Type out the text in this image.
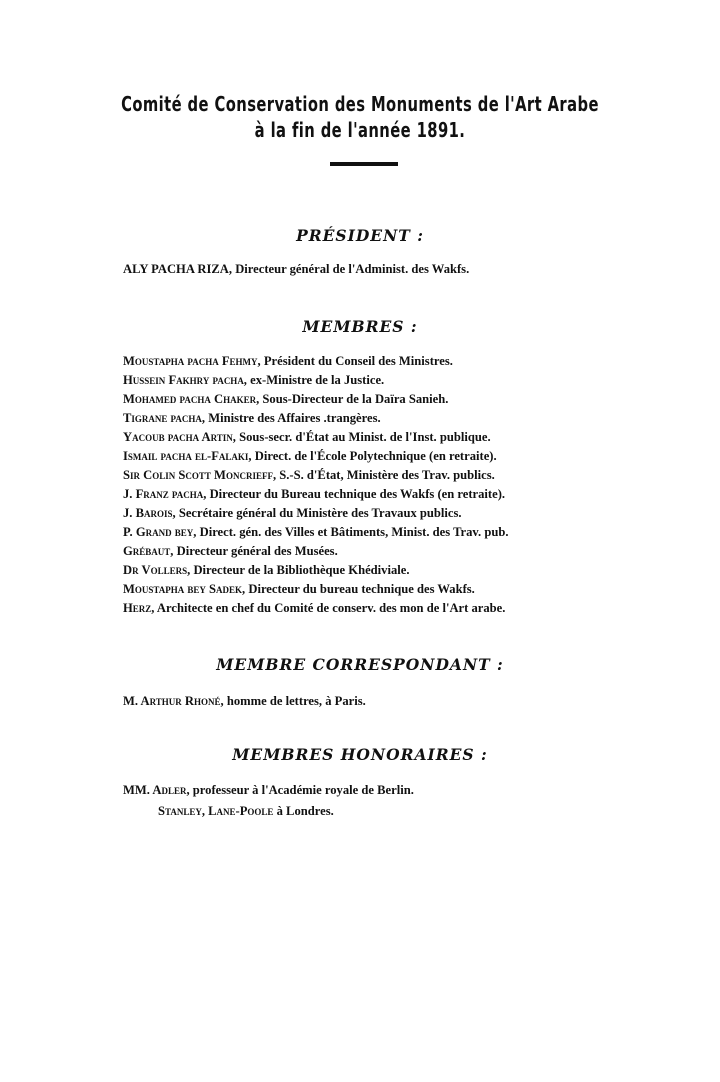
Comité de Conservation des Monuments de l'Art Arabe
à la fin de l'année 1891.
PRÉSIDENT :
ALY PACHA RIZA, Directeur général de l'Administ. des Wakfs.
MEMBRES :
Moustapha pacha Fehmy, Président du Conseil des Ministres.
Hussein Fakhry pacha, ex-Ministre de la Justice.
Mohamed pacha Chaker, Sous-Directeur de la Daïra Sanieh.
Tigrane pacha, Ministre des Affaires .trangères.
Yacoub pacha Artin, Sous-secr. d'État au Minist. de l'Inst. publique.
Ismail pacha el-Falaki, Direct. de l'École Polytechnique (en retraite).
Sir Colin Scott Moncrieff, S.-S. d'État, Ministère des Trav. publics.
J. Franz pacha, Directeur du Bureau technique des Wakfs (en retraite).
J. Barois, Secrétaire général du Ministère des Travaux publics.
P. Grand bey, Direct. gén. des Villes et Bâtiments, Minist. des Trav. pub.
Grébaut, Directeur général des Musées.
Dr Vollers, Directeur de la Bibliothèque Khédiviale.
Moustapha bey Sadek, Directeur du bureau technique des Wakfs.
Herz, Architecte en chef du Comité de conserv. des mon de l'Art arabe.
MEMBRE CORRESPONDANT :
M. Arthur Rhoné, homme de lettres, à Paris.
MEMBRES HONORAIRES :
MM. Adler, professeur à l'Académie royale de Berlin.
Stanley, Lane-Poole à Londres.
